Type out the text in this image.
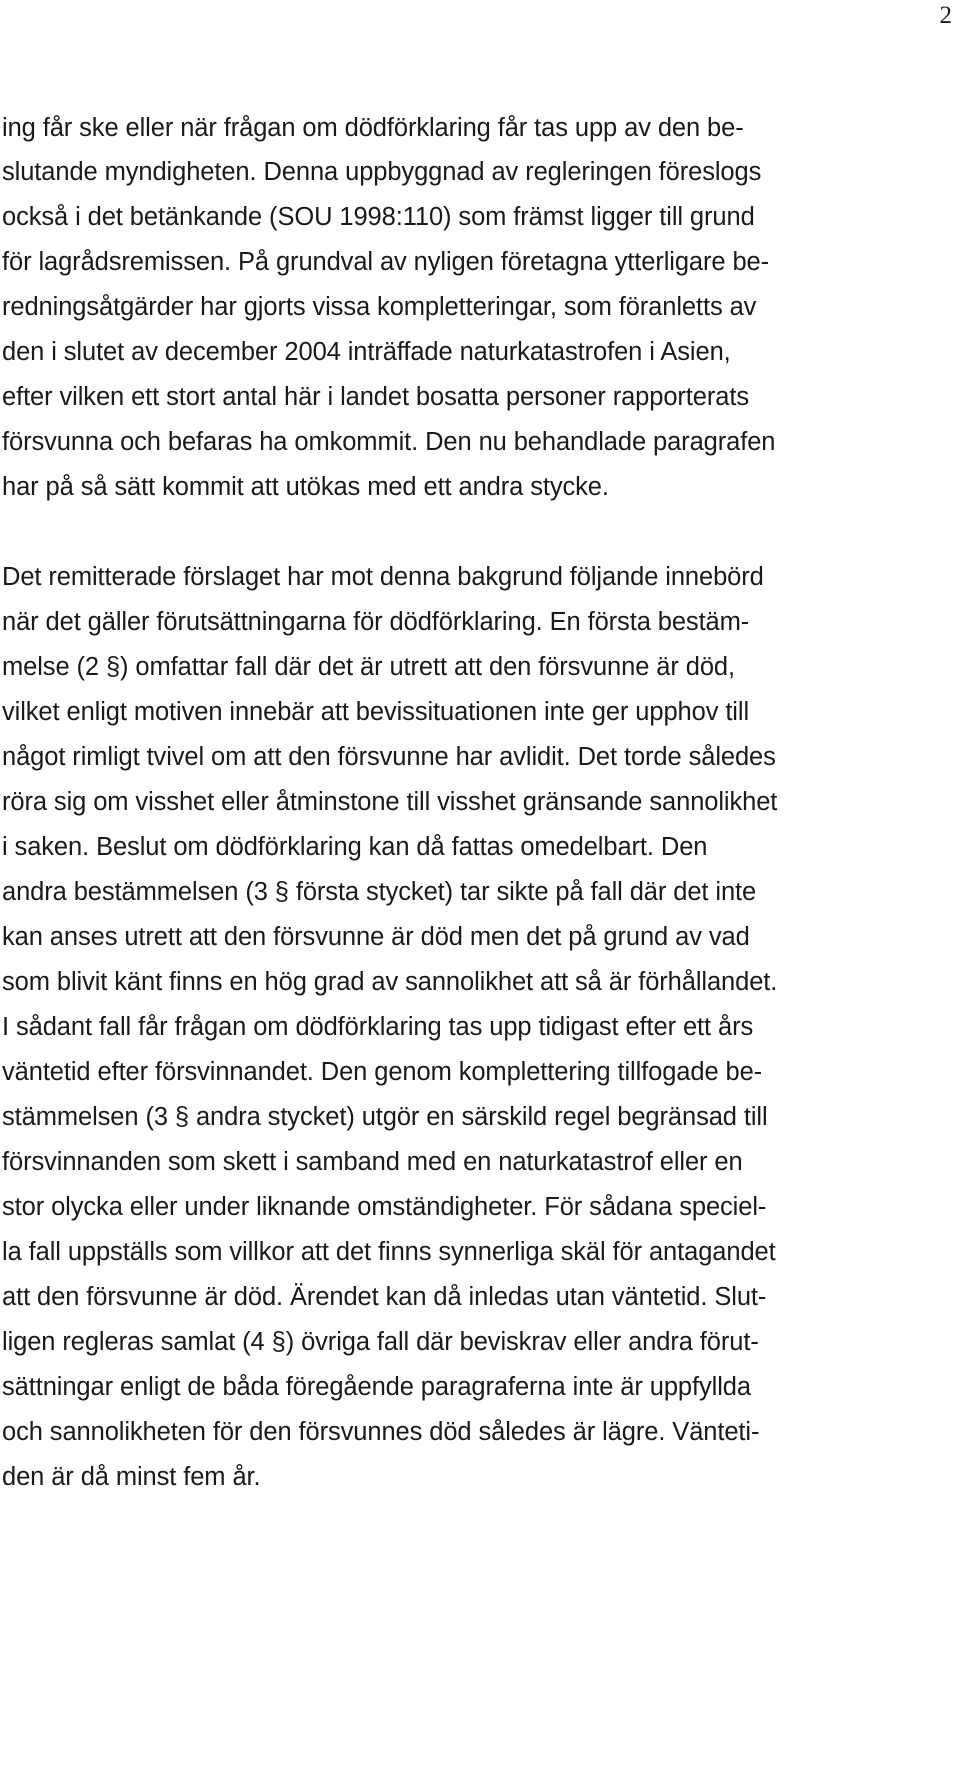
2
ing får ske eller när frågan om dödförklaring får tas upp av den be-
slutande myndigheten. Denna uppbyggnad av regleringen föreslogs
också i det betänkande (SOU 1998:110) som främst ligger till grund
för lagrådsremissen. På grundval av nyligen företagna ytterligare be-
redningsåtgärder har gjorts vissa kompletteringar, som föranletts av
den i slutet av december 2004 inträffade naturkatastrofen i Asien,
efter vilken ett stort antal här i landet bosatta personer rapporterats
försvunna och befaras ha omkommit. Den nu behandlade paragrafen
har på så sätt kommit att utökas med ett andra stycke.
Det remitterade förslaget har mot denna bakgrund följande innebörd
när det gäller förutsättningarna för dödförklaring. En första bestäm-
melse (2 §) omfattar fall där det är utrett att den försvunne är död,
vilket enligt motiven innebär att bevissituationen inte ger upphov till
något rimligt tvivel om att den försvunne har avlidit. Det torde således
röra sig om visshet eller åtminstone till visshet gränsande sannolikhet
i saken. Beslut om dödförklaring kan då fattas omedelbart. Den
andra bestämmelsen (3 § första stycket) tar sikte på fall där det inte
kan anses utrett att den försvunne är död men det på grund av vad
som blivit känt finns en hög grad av sannolikhet att så är förhållandet.
I sådant fall får frågan om dödförklaring tas upp tidigast efter ett års
väntetid efter försvinnandet. Den genom komplettering tillfogade be-
stämmelsen (3 § andra stycket) utgör en särskild regel begränsad till
försvinnanden som skett i samband med en naturkatastrof eller en
stor olycka eller under liknande omständigheter. För sådana speciel-
la fall uppställs som villkor att det finns synnerliga skäl för antagandet
att den försvunne är död. Ärendet kan då inledas utan väntetid. Slut-
ligen regleras samlat (4 §) övriga fall där beviskrav eller andra förut-
sättningar enligt de båda föregående paragraferna inte är uppfyllda
och sannolikheten för den försvunnes död således är lägre. Vänteti-
den är då minst fem år.
